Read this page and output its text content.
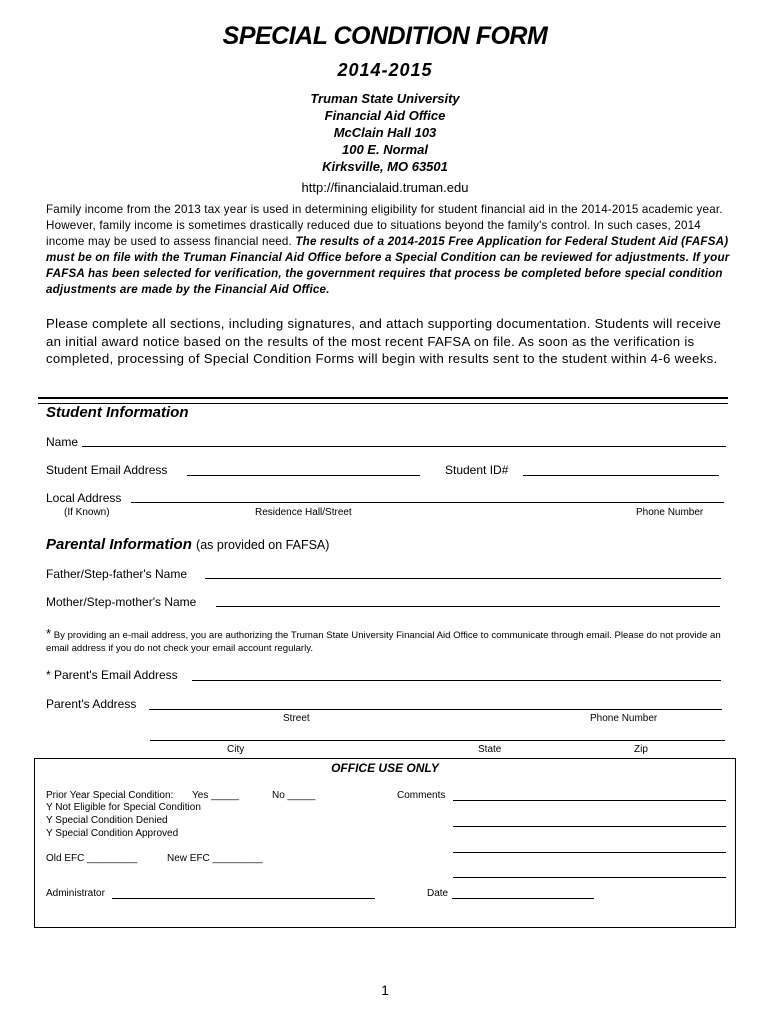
SPECIAL CONDITION FORM
2014-2015
Truman State University
Financial Aid Office
McClain Hall 103
100 E. Normal
Kirksville, MO 63501
http://financialaid.truman.edu
Family income from the 2013 tax year is used in determining eligibility for student financial aid in the 2014-2015 academic year. However, family income is sometimes drastically reduced due to situations beyond the family's control. In such cases, 2014 income may be used to assess financial need. The results of a 2014-2015 Free Application for Federal Student Aid (FAFSA) must be on file with the Truman Financial Aid Office before a Special Condition can be reviewed for adjustments. If your FAFSA has been selected for verification, the government requires that process be completed before special condition adjustments are made by the Financial Aid Office.
Please complete all sections, including signatures, and attach supporting documentation. Students will receive an initial award notice based on the results of the most recent FAFSA on file. As soon as the verification is completed, processing of Special Condition Forms will begin with results sent to the student within 4-6 weeks.
Student Information
Name
Student Email Address	Student ID#
Local Address
(If Known)	Residence Hall/Street	Phone Number
Parental Information (as provided on FAFSA)
Father/Step-father's Name
Mother/Step-mother's Name
* By providing an e-mail address, you are authorizing the Truman State University Financial Aid Office to communicate through email. Please do not provide an email address if you do not check your email account regularly.
* Parent's Email Address
Parent's Address
Street	Phone Number
City	State	Zip
OFFICE USE ONLY
Prior Year Special Condition: Yes _____	No _____	Comments
Y Not Eligible for Special Condition
Y Special Condition Denied
Y Special Condition Approved
Old EFC _________	New EFC _________
Administrator	Date
1
